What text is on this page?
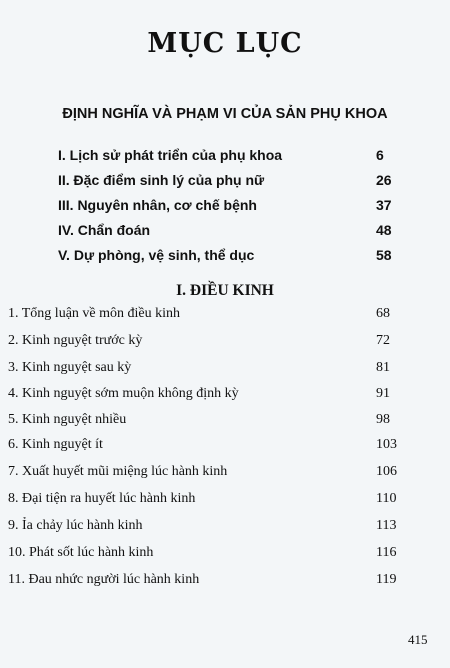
MỤC LỤC
ĐỊNH NGHĨA VÀ PHẠM VI CỦA SẢN PHỤ KHOA
I. Lịch sử phát triển của phụ khoa	6
II. Đặc điểm sinh lý của phụ nữ	26
III. Nguyên nhân, cơ chế bệnh	37
IV. Chẩn đoán	48
V. Dự phòng, vệ sinh, thể dục	58
I. ĐIỀU KINH
1. Tổng luận về môn điều kinh	68
2. Kinh nguyệt trước kỳ	72
3. Kinh nguyệt sau kỳ	81
4. Kinh nguyệt sớm muộn không định kỳ	91
5. Kinh nguyệt nhiều	98
6. Kinh nguyệt ít	103
7. Xuất huyết mũi miệng lúc hành kinh	106
8. Đại tiện ra huyết lúc hành kinh	110
9. Ỉa chảy lúc hành kinh	113
10. Phát sốt lúc hành kinh	116
11. Đau nhức người lúc hành kinh	119
415
